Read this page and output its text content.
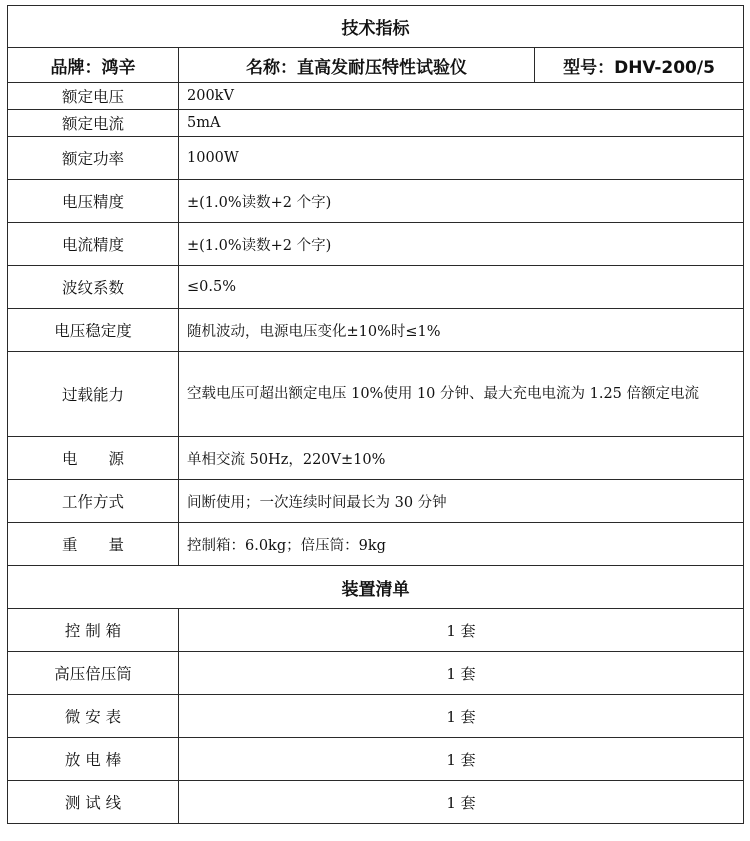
技术指标		
品牌：鸿辛	名称：直高发耐压特性试验仪	型号：DHV-200/5
额定电压	200kV	
额定电流	5mA	
额定功率	1000W	
电压精度	±(1.0%读数+2 个字)	
电流精度	±(1.0%读数+2 个字)	
波纹系数	≤0.5%	
电压稳定度	随机波动，电源电压变化±10%时≤1%	
过载能力	空载电压可超出额定电压 10%使用 10 分钟、最大充电电流为 1.25 倍额定电流	
电　　源	单相交流 50Hz，220V±10%	
工作方式	间断使用；一次连续时间最长为 30 分钟	
重　　量	控制箱：6.0kg；倍压筒：9kg	
装置清单		
控 制 箱	1 套	
高压倍压筒	1 套	
微 安 表	1 套	
放 电 棒	1 套	
测 试 线	1 套	
